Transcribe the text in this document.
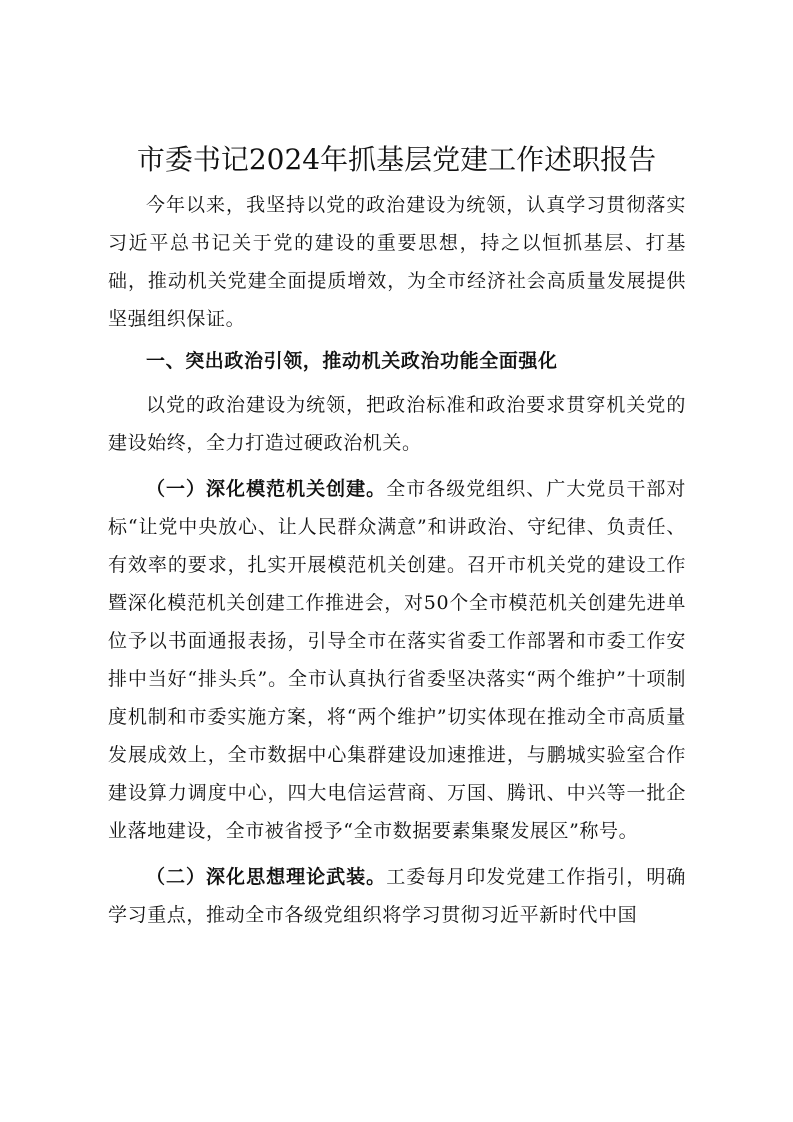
市委书记2024年抓基层党建工作述职报告

今年以来，我坚持以党的政治建设为统领，认真学习贯彻落实习近平总书记关于党的建设的重要思想，持之以恒抓基层、打基础，推动机关党建全面提质增效，为全市经济社会高质量发展提供坚强组织保证。

一、突出政治引领，推动机关政治功能全面强化

以党的政治建设为统领，把政治标准和政治要求贯穿机关党的建设始终，全力打造过硬政治机关。

（一）深化模范机关创建。全市各级党组织、广大党员干部对标“让党中央放心、让人民群众满意”和讲政治、守纪律、负责任、有效率的要求，扎实开展模范机关创建。召开市机关党的建设工作暨深化模范机关创建工作推进会，对50个全市模范机关创建先进单位予以书面通报表扬，引导全市在落实省委工作部署和市委工作安排中当好“排头兵”。全市认真执行省委坚决落实“两个维护”十项制度机制和市委实施方案，将“两个维护”切实体现在推动全市高质量发展成效上，全市数据中心集群建设加速推进，与鹏城实验室合作建设算力调度中心，四大电信运营商、万国、腾讯、中兴等一批企业落地建设，全市被省授予“全市数据要素集聚发展区”称号。

（二）深化思想理论武装。工委每月印发党建工作指引，明确学习重点，推动全市各级党组织将学习贯彻习近平新时代中国
